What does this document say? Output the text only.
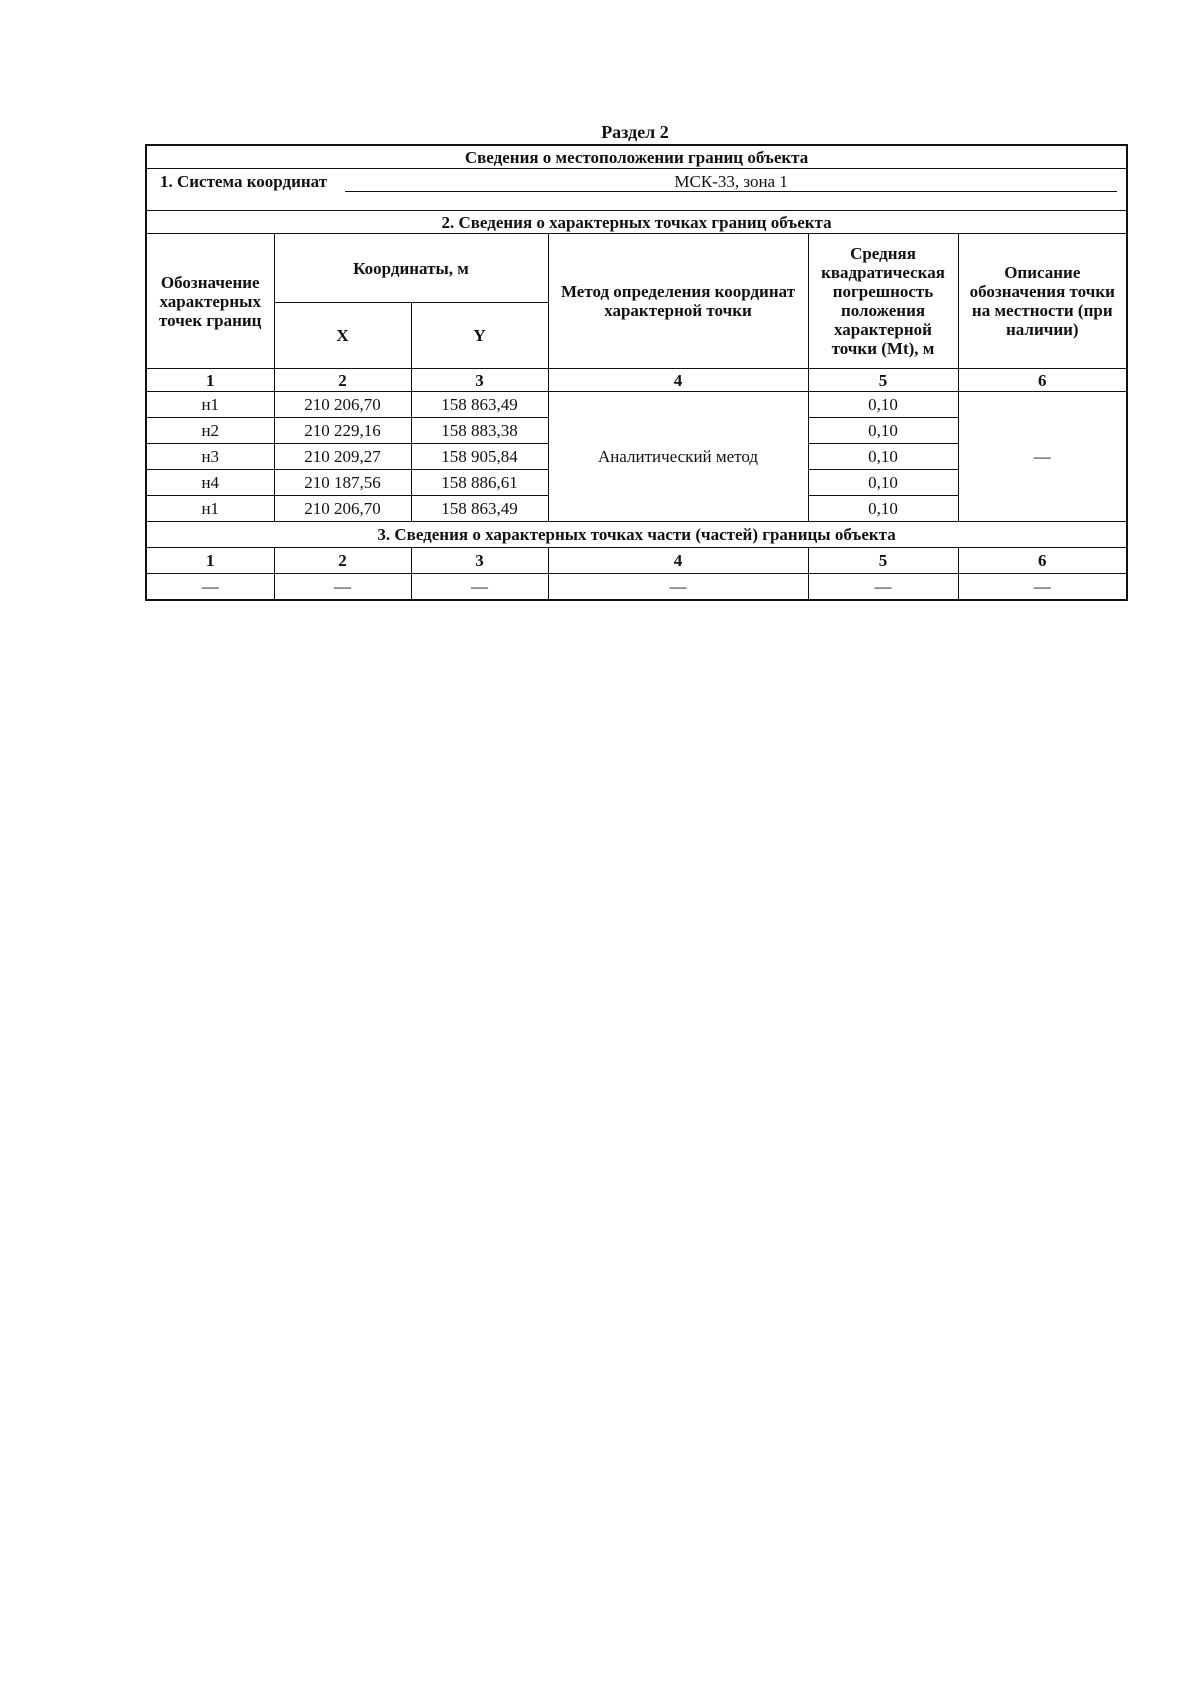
Раздел 2
Сведения о местоположении границ объекта					
1. Система координат МСК-33, зона 1					
2. Сведения о характерных точках границ объекта					
Обозначение характерных точек границ	Координаты, м		Метод определения координат характерной точки	Средняя квадратическая погрешность положения характерной точки (Mt), м	Описание обозначения точки на местности (при наличии)
	X	Y			
1	2	3	4	5	6
н1	210 206,70	158 863,49	Аналитический метод	0,10	—
н2	210 229,16	158 883,38		0,10	
н3	210 209,27	158 905,84		0,10	
н4	210 187,56	158 886,61		0,10	
н1	210 206,70	158 863,49		0,10	
3. Сведения о характерных точках части (частей) границы объекта					
1	2	3	4	5	6
—	—	—	—	—	—
